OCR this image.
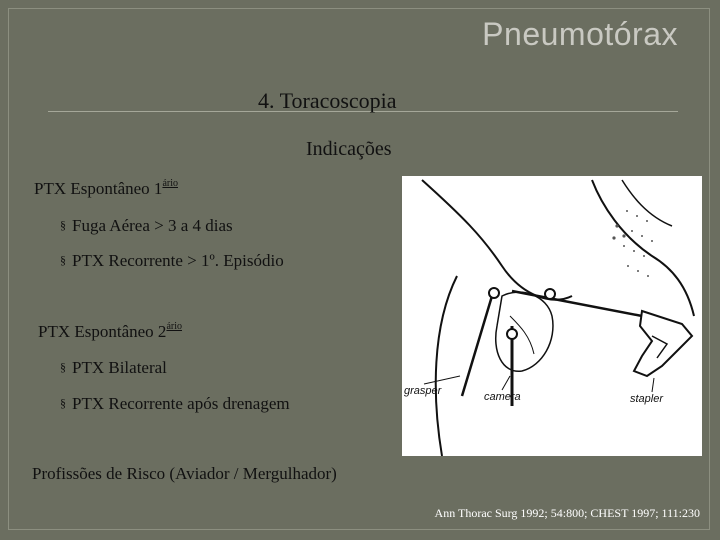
Pneumotórax
4. Toracoscopia
Indicações
PTX Espontâneo $1^{ário}$
§ Fuga Aérea > 3 a 4 dias
§ PTX Recorrente > 1º. Episódio
PTX Espontâneo $2^{ário}$
§ PTX Bilateral
§ PTX Recorrente após drenagem
Profissões de Risco (Aviador / Mergulhador)
Ann Thorac Surg 1992; 54:800; CHEST 1997; 111:230
grasper	camera	stapler
